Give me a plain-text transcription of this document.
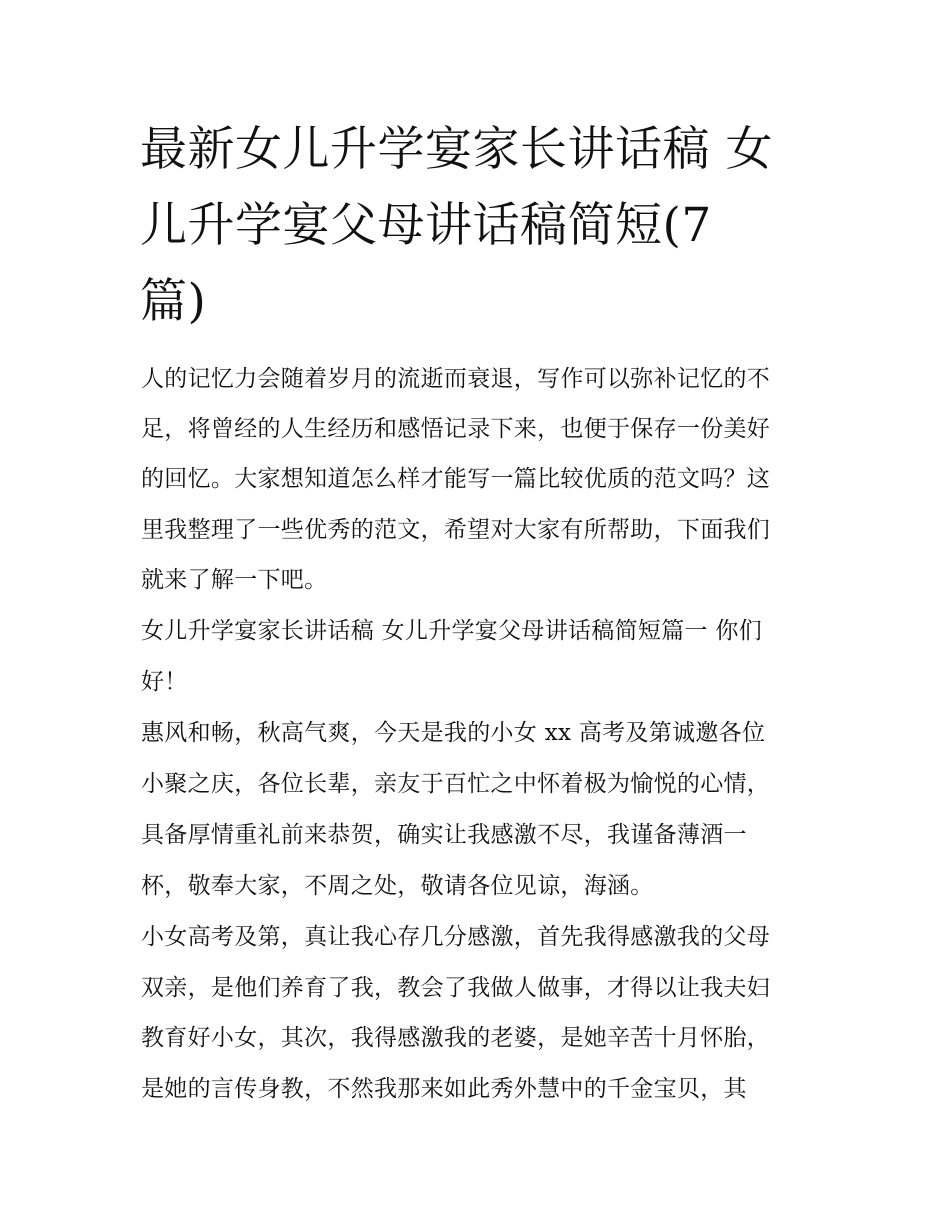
最新女儿升学宴家长讲话稿 女
儿升学宴父母讲话稿简短(7
篇)
人的记忆力会随着岁月的流逝而衰退，写作可以弥补记忆的不
足，将曾经的人生经历和感悟记录下来，也便于保存一份美好
的回忆。大家想知道怎么样才能写一篇比较优质的范文吗？这
里我整理了一些优秀的范文，希望对大家有所帮助，下面我们
就来了解一下吧。
女儿升学宴家长讲话稿 女儿升学宴父母讲话稿简短篇一 你们
好！
惠风和畅，秋高气爽，今天是我的小女 xx 高考及第诚邀各位
小聚之庆，各位长辈，亲友于百忙之中怀着极为愉悦的心情，
具备厚情重礼前来恭贺，确实让我感激不尽，我谨备薄酒一
杯，敬奉大家，不周之处，敬请各位见谅，海涵。
小女高考及第，真让我心存几分感激，首先我得感激我的父母
双亲，是他们养育了我，教会了我做人做事，才得以让我夫妇
教育好小女，其次，我得感激我的老婆，是她辛苦十月怀胎，
是她的言传身教，不然我那来如此秀外慧中的千金宝贝，其
